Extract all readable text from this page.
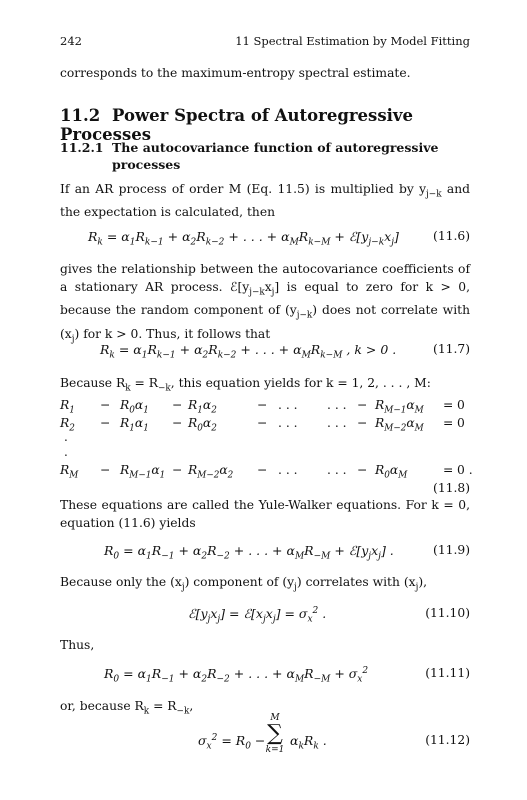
242	11 Spectral Estimation by Model Fitting
corresponds to the maximum-entropy spectral estimate.
11.2 Power Spectra of Autoregressive Processes
11.2.1 The autocovariance function of autoregressive processes
If an AR process of order M (Eq. 11.5) is multiplied by $y_{j-k}$ and the expectation is calculated, then
$R_k = \alpha_1R_{k-1} + \alpha_2R_{k-2}$ + . . . + $\alpha_MR_{k-M}$ + $ℰ[y_{j-k}x_j]$	(11.6)
gives the relationship between the autocovariance coefficients of a stationary AR process. $ℰ[y_{j-k}x_j]$ is equal to zero for k > 0, because the random component of $(y_{j-k})$ does not correlate with $(x_j)$ for k > 0. Thus, it follows that
$R_k = \alpha_1R_{k-1} + \alpha_2R_{k-2}$ + . . . + $\alpha_MR_{k-M}$ , k > 0 .	(11.7)
Because $R_k = R_{-k}$, this equation yields for k = 1, 2, . . . , M:
$R_1 - R_0\alpha_1 - R_1\alpha_2$	− . . . . . . − $R_{M-1}\alpha_M = 0$
$R_2 - R_1\alpha_1 - R_0\alpha_2$	− . . . . . . − $R_{M-2}\alpha_M = 0$
$R_M - R_{M-1}\alpha_1 - R_{M-2}\alpha_2$ − . . . . . . − $R_0\alpha_M$	= 0 .
.
.
(11.8)
These equations are called the Yule-Walker equations. For k = 0, equation (11.6) yields
$R_0 = \alpha_1R_{-1} + \alpha_2R_{-2}$ + . . . + $\alpha_MR_{-M}$ + $ℰ[y_jx_j]$ .	(11.9)
Because only the $(x_j)$ component of $(y_j)$ correlates with $(x_j)$,
$ℰ[y_jx_j]$ = $ℰ[x_jx_j] = \sigma_x^2$ .	(11.10)
Thus,
$R_0 = \alpha_1R_{-1} + \alpha_2R_{-2}$ + . . . + $\alpha_MR_{-M} + \sigma_x^2$	(11.11)
or, because $R_k = R_{-k}$,
$\sigma_x^2 = R_0$ −
M
∑
k=1
$\alpha_kR_k$ .	(11.12)
